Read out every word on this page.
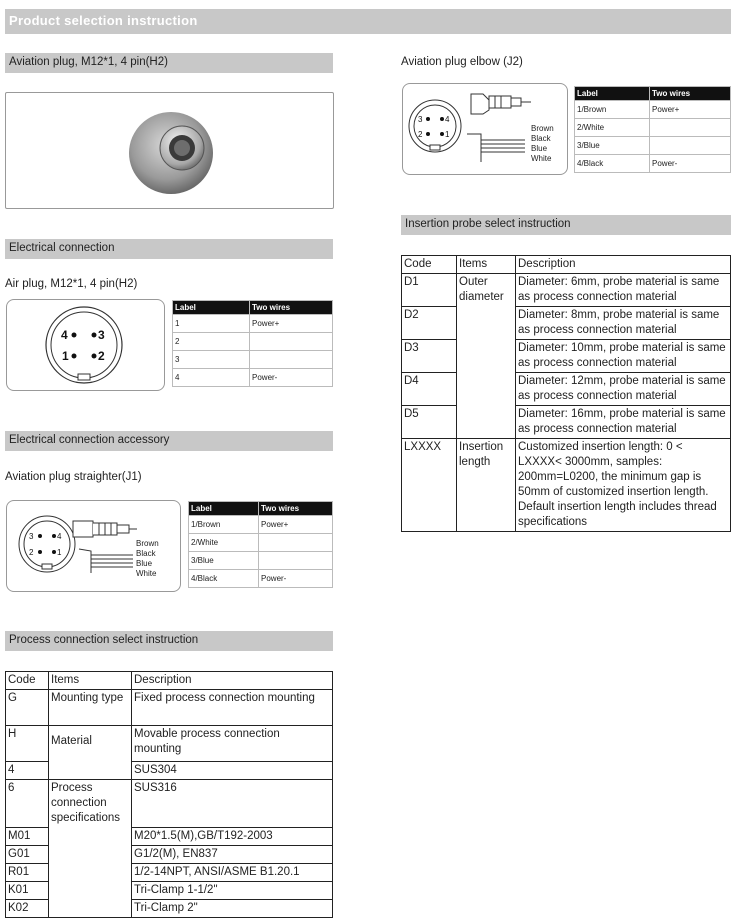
Product selection instruction
Aviation plug, M12*1, 4 pin(H2)
Electrical connection
Air plug, M12*1, 4 pin(H2)
4	3
1 2
Label	Two wires
1	Power+
2	
3	
4	Power-
Electrical connection accessory
Aviation plug straighter(J1)
3	4
2	1
Brown
Black
Blue
White
Label	Two wires
1/Brown	Power+
2/White	
3/Blue	
4/Black	Power-
Process connection select instruction
Code	Items	Description
G	Mounting type	Fixed process connection mounting
H	Material	Movable process connection mounting
4		SUS304
6	Process connection specifications	SUS316
M01		M20*1.5(M),GB/T192-2003
G01		G1/2(M), EN837
R01		1/2-14NPT, ANSI/ASME B1.20.1
K01		Tri-Clamp 1-1/2"
K02		Tri-Clamp 2"
Aviation plug elbow (J2)
3	4
2	1
Brown
Black
Blue
White
Label	Two wires
1/Brown	Power+
2/White	
3/Blue	
4/Black	Power-
Insertion probe select instruction
Code	Items	Description
D1	Outer diameter	Diameter: 6mm, probe material is same as process connection material
D2		Diameter: 8mm, probe material is same as process connection material
D3		Diameter: 10mm, probe material is same as process connection material
D4		Diameter: 12mm, probe material is same as process connection material
D5		Diameter: 16mm, probe material is same as process connection material
LXXXX	Insertion length	Customized insertion length: 0 < LXXXX< 3000mm, samples: 200mm=L0200, the minimum gap is 50mm of customized insertion length. Default insertion length includes thread specifications
